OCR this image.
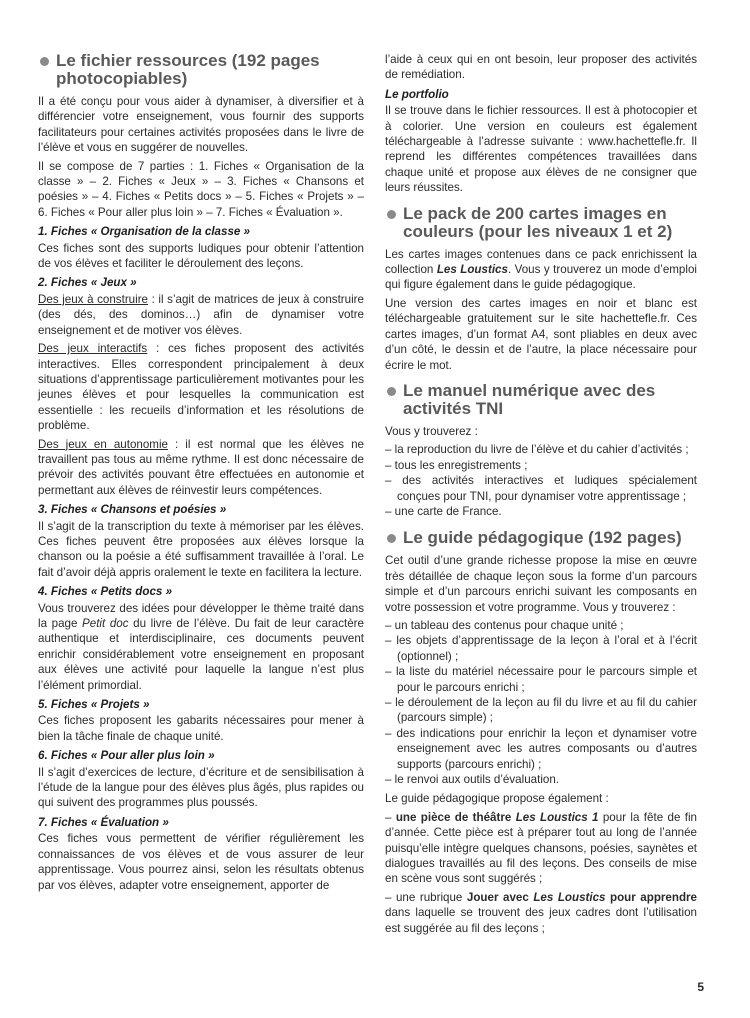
Le fichier ressources (192 pages photocopiables)

Il a été conçu pour vous aider à dynamiser, à diversifier et à différencier votre enseignement, vous fournir des supports facilitateurs pour certaines activités proposées dans le livre de l’élève et vous en suggérer de nouvelles.

Il se compose de 7 parties : 1. Fiches « Organisation de la classe » – 2. Fiches « Jeux » – 3. Fiches « Chansons et poésies » – 4. Fiches « Petits docs » – 5. Fiches « Projets » – 6. Fiches « Pour aller plus loin » – 7. Fiches « Évaluation ».

1. Fiches « Organisation de la classe »

Ces fiches sont des supports ludiques pour obtenir l’attention de vos élèves et faciliter le déroulement des leçons.

2. Fiches « Jeux »

Des jeux à construire : il s’agit de matrices de jeux à construire (des dés, des dominos…) afin de dynamiser votre enseignement et de motiver vos élèves.

Des jeux interactifs : ces fiches proposent des activités interactives. Elles correspondent principalement à deux situations d’apprentissage particulièrement motivantes pour les jeunes élèves et pour lesquelles la communication est essentielle : les recueils d’information et les résolutions de problème.

Des jeux en autonomie : il est normal que les élèves ne travaillent pas tous au même rythme. Il est donc nécessaire de prévoir des activités pouvant être effectuées en autonomie et permettant aux élèves de réinvestir leurs compétences.

3. Fiches « Chansons et poésies »

Il s’agit de la transcription du texte à mémoriser par les élèves. Ces fiches peuvent être proposées aux élèves lorsque la chanson ou la poésie a été suffisamment travaillée à l’oral. Le fait d’avoir déjà appris oralement le texte en facilitera la lecture.

4. Fiches « Petits docs »

Vous trouverez des idées pour développer le thème traité dans la page Petit doc du livre de l’élève. Du fait de leur caractère authentique et interdisciplinaire, ces documents peuvent enrichir considérablement votre enseignement en proposant aux élèves une activité pour laquelle la langue n’est plus l’élément primordial.

5. Fiches « Projets »

Ces fiches proposent les gabarits nécessaires pour mener à bien la tâche finale de chaque unité.

6. Fiches « Pour aller plus loin »

Il s’agit d’exercices de lecture, d’écriture et de sensibilisation à l’étude de la langue pour des élèves plus âgés, plus rapides ou qui suivent des programmes plus poussés.

7. Fiches « Évaluation »

Ces fiches vous permettent de vérifier régulièrement les connaissances de vos élèves et de vous assurer de leur apprentissage. Vous pourrez ainsi, selon les résultats obtenus par vos élèves, adapter votre enseignement, apporter de

l’aide à ceux qui en ont besoin, leur proposer des activités de remédiation.

Le portfolio

Il se trouve dans le fichier ressources. Il est à photocopier et à colorier. Une version en couleurs est également téléchargeable à l’adresse suivante : www.hachettefle.fr. Il reprend les différentes compétences travaillées dans chaque unité et propose aux élèves de ne consigner que leurs réussites.

Le pack de 200 cartes images en couleurs (pour les niveaux 1 et 2)

Les cartes images contenues dans ce pack enrichissent la collection Les Loustics. Vous y trouverez un mode d’emploi qui figure également dans le guide pédagogique.

Une version des cartes images en noir et blanc est téléchargeable gratuitement sur le site hachettefle.fr. Ces cartes images, d’un format A4, sont pliables en deux avec d’un côté, le dessin et de l’autre, la place nécessaire pour écrire le mot.

Le manuel numérique avec des activités TNI

Vous y trouverez :

– la reproduction du livre de l’élève et du cahier d’activités ;
– tous les enregistrements ;
– des activités interactives et ludiques spécialement conçues pour TNI, pour dynamiser votre apprentissage ;
– une carte de France.
Le guide pédagogique (192 pages)

Cet outil d’une grande richesse propose la mise en œuvre très détaillée de chaque leçon sous la forme d’un parcours simple et d’un parcours enrichi suivant les composants en votre possession et votre programme. Vous y trouverez :

– un tableau des contenus pour chaque unité ;
– les objets d’apprentissage de la leçon à l’oral et à l’écrit (optionnel) ;
– la liste du matériel nécessaire pour le parcours simple et pour le parcours enrichi ;
– le déroulement de la leçon au fil du livre et au fil du cahier (parcours simple) ;
– des indications pour enrichir la leçon et dynamiser votre enseignement avec les autres composants ou d’autres supports (parcours enrichi) ;
– le renvoi aux outils d’évaluation.

Le guide pédagogique propose également :

– une pièce de théâtre Les Loustics 1 pour la fête de fin d’année. Cette pièce est à préparer tout au long de l’année puisqu’elle intègre quelques chansons, poésies, saynètes et dialogues travaillés au fil des leçons. Des conseils de mise en scène vous sont suggérés ;

– une rubrique Jouer avec Les Loustics pour apprendre dans laquelle se trouvent des jeux cadres dont l’utilisation est suggérée au fil des leçons ;

5
